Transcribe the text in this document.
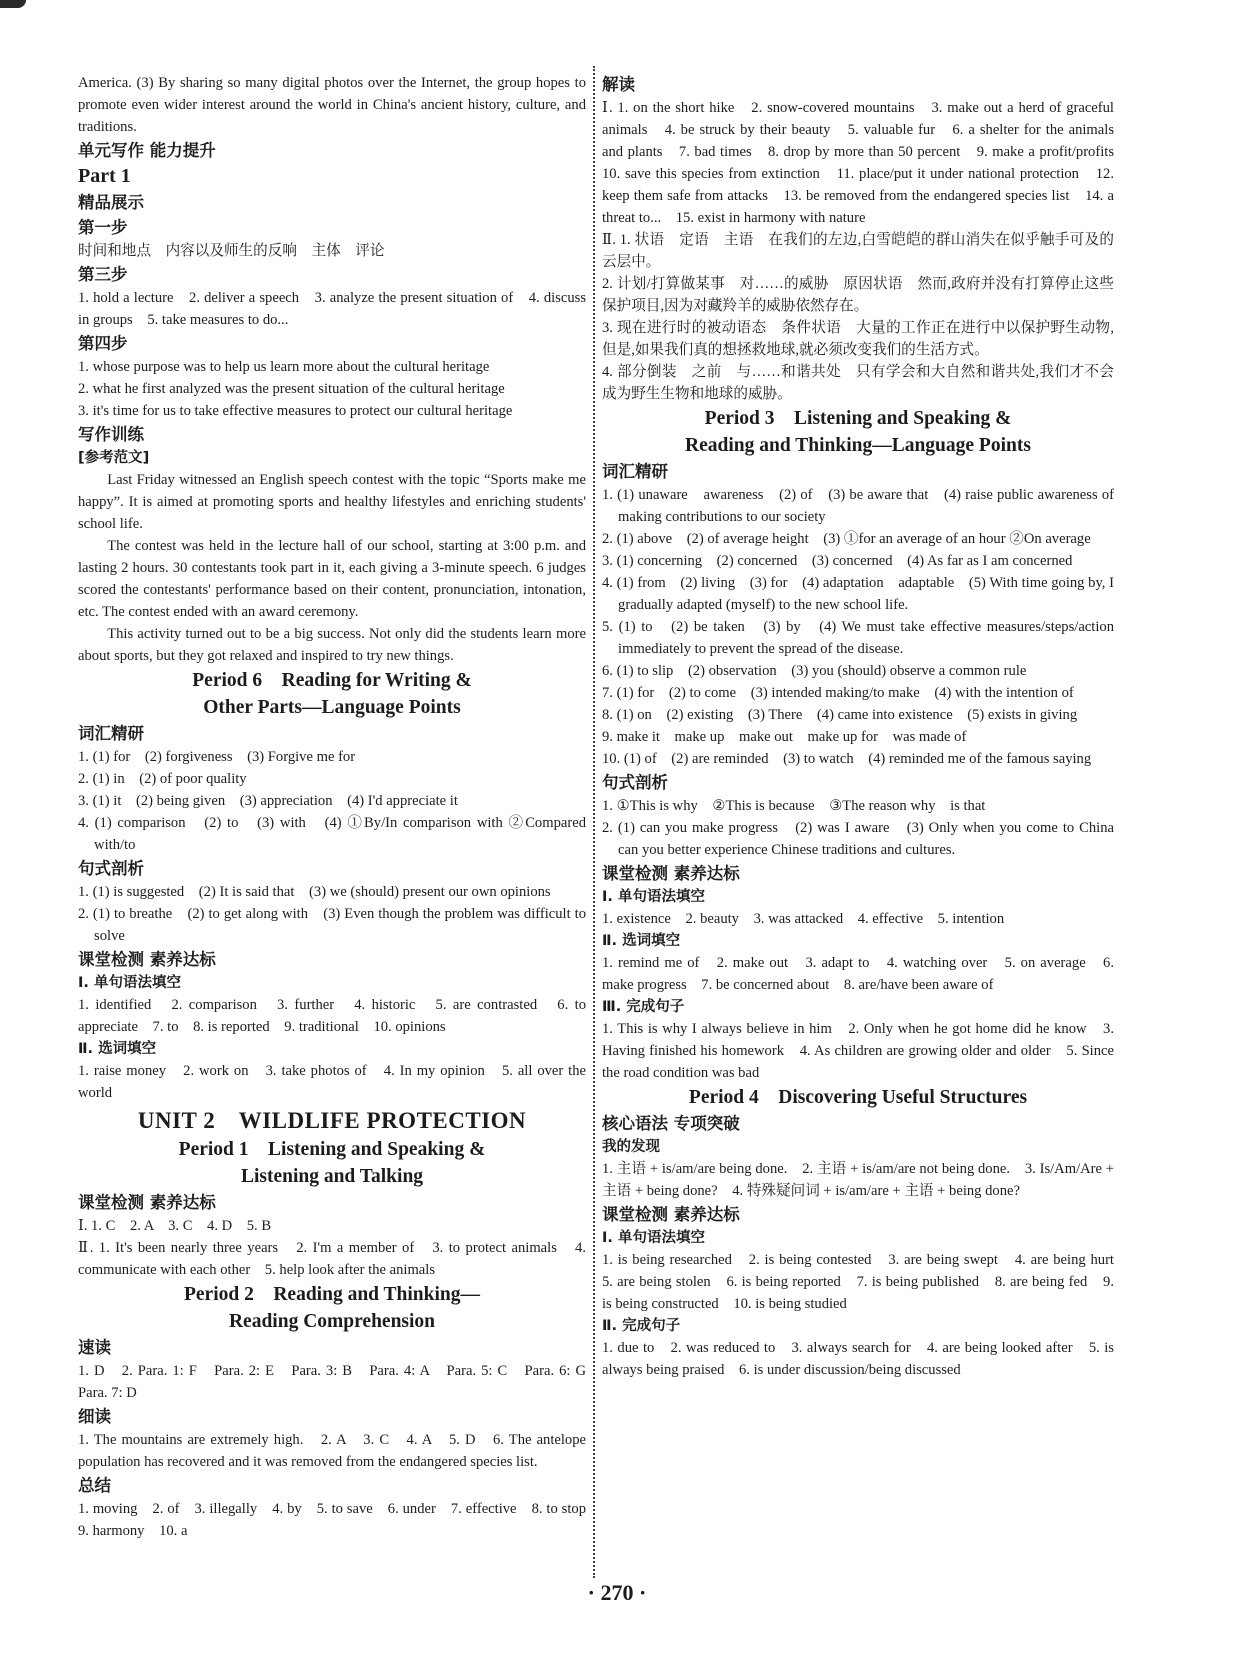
America. (3) By sharing so many digital photos over the Internet, the group hopes to promote even wider interest around the world in China's ancient history, culture, and traditions.

单元写作 能力提升

Part 1

精品展示

第一步

时间和地点　内容以及师生的反响　主体　评论

第三步

1. hold a lecture　2. deliver a speech　3. analyze the present situation of　4. discuss in groups　5. take measures to do...

第四步

1. whose purpose was to help us learn more about the cultural heritage

2. what he first analyzed was the present situation of the cultural heritage

3. it's time for us to take effective measures to protect our cultural heritage

写作训练

[参考范文]

Last Friday witnessed an English speech contest with the topic “Sports make me happy”. It is aimed at promoting sports and healthy lifestyles and enriching students' school life.

The contest was held in the lecture hall of our school, starting at 3:00 p.m. and lasting 2 hours. 30 contestants took part in it, each giving a 3-minute speech. 6 judges scored the contestants' performance based on their content, pronunciation, intonation, etc. The contest ended with an award ceremony.

This activity turned out to be a big success. Not only did the students learn more about sports, but they got relaxed and inspired to try new things.

Period 6　Reading for Writing &

Other Parts—Language Points

词汇精研

1. (1) for　(2) forgiveness　(3) Forgive me for

2. (1) in　(2) of poor quality

3. (1) it　(2) being given　(3) appreciation　(4) I'd appreciate it

4. (1) comparison　(2) to　(3) with　(4) ①By/In comparison with ②Compared with/to

句式剖析

1. (1) is suggested　(2) It is said that　(3) we (should) present our own opinions

2. (1) to breathe　(2) to get along with　(3) Even though the problem was difficult to solve

课堂检测 素养达标

Ⅰ. 单句语法填空

1. identified　2. comparison　3. further　4. historic　5. are contrasted　6. to appreciate　7. to　8. is reported　9. traditional　10. opinions

Ⅱ. 选词填空

1. raise money　2. work on　3. take photos of　4. In my opinion　5. all over the world

UNIT 2　WILDLIFE PROTECTION

Period 1　Listening and Speaking &

Listening and Talking

课堂检测 素养达标

Ⅰ. 1. C　2. A　3. C　4. D　5. B

Ⅱ. 1. It's been nearly three years　2. I'm a member of　3. to protect animals　4. communicate with each other　5. help look after the animals

Period 2　Reading and Thinking—

Reading Comprehension

速读

1. D　2. Para. 1: F　Para. 2: E　Para. 3: B　Para. 4: A　Para. 5: C　Para. 6: G　Para. 7: D

细读

1. The mountains are extremely high.　2. A　3. C　4. A　5. D　6. The antelope population has recovered and it was removed from the endangered species list.

总结

1. moving　2. of　3. illegally　4. by　5. to save　6. under　7. effective　8. to stop　9. harmony　10. a

解读

Ⅰ. 1. on the short hike　2. snow-covered mountains　3. make out a herd of graceful animals　4. be struck by their beauty　5. valuable fur　6. a shelter for the animals and plants　7. bad times　8. drop by more than 50 percent　9. make a profit/profits　10. save this species from extinction　11. place/put it under national protection　12. keep them safe from attacks　13. be removed from the endangered species list　14. a threat to...　15. exist in harmony with nature

Ⅱ. 1. 状语　定语　主语　在我们的左边,白雪皑皑的群山消失在似乎触手可及的云层中。

2. 计划/打算做某事　对……的威胁　原因状语　然而,政府并没有打算停止这些保护项目,因为对藏羚羊的威胁依然存在。

3. 现在进行时的被动语态　条件状语　大量的工作正在进行中以保护野生动物,但是,如果我们真的想拯救地球,就必须改变我们的生活方式。

4. 部分倒装　之前　与……和谐共处　只有学会和大自然和谐共处,我们才不会成为野生生物和地球的威胁。

Period 3　Listening and Speaking &

Reading and Thinking—Language Points

词汇精研

1. (1) unaware　awareness　(2) of　(3) be aware that　(4) raise public awareness of making contributions to our society

2. (1) above　(2) of average height　(3) ①for an average of an hour ②On average

3. (1) concerning　(2) concerned　(3) concerned　(4) As far as I am concerned

4. (1) from　(2) living　(3) for　(4) adaptation　adaptable　(5) With time going by, I gradually adapted (myself) to the new school life.

5. (1) to　(2) be taken　(3) by　(4) We must take effective measures/steps/action immediately to prevent the spread of the disease.

6. (1) to slip　(2) observation　(3) you (should) observe a common rule

7. (1) for　(2) to come　(3) intended making/to make　(4) with the intention of

8. (1) on　(2) existing　(3) There　(4) came into existence　(5) exists in giving

9. make it　make up　make out　make up for　was made of

10. (1) of　(2) are reminded　(3) to watch　(4) reminded me of the famous saying

句式剖析

1. ①This is why　②This is because　③The reason why　is that

2. (1) can you make progress　(2) was I aware　(3) Only when you come to China can you better experience Chinese traditions and cultures.

课堂检测 素养达标

Ⅰ. 单句语法填空

1. existence　2. beauty　3. was attacked　4. effective　5. intention

Ⅱ. 选词填空

1. remind me of　2. make out　3. adapt to　4. watching over　5. on average　6. make progress　7. be concerned about　8. are/have been aware of

Ⅲ. 完成句子

1. This is why I always believe in him　2. Only when he got home did he know　3. Having finished his homework　4. As children are growing older and older　5. Since the road condition was bad

Period 4　Discovering Useful Structures

核心语法 专项突破

我的发现

1. 主语 + is/am/are being done.　2. 主语 + is/am/are not being done.　3. Is/Am/Are + 主语 + being done?　4. 特殊疑问词 + is/am/are + 主语 + being done?

课堂检测 素养达标

Ⅰ. 单句语法填空

1. is being researched　2. is being contested　3. are being swept　4. are being hurt　5. are being stolen　6. is being reported　7. is being published　8. are being fed　9. is being constructed　10. is being studied

Ⅱ. 完成句子

1. due to　2. was reduced to　3. always search for　4. are being looked after　5. is always being praised　6. is under discussion/being discussed

· 270 ·
